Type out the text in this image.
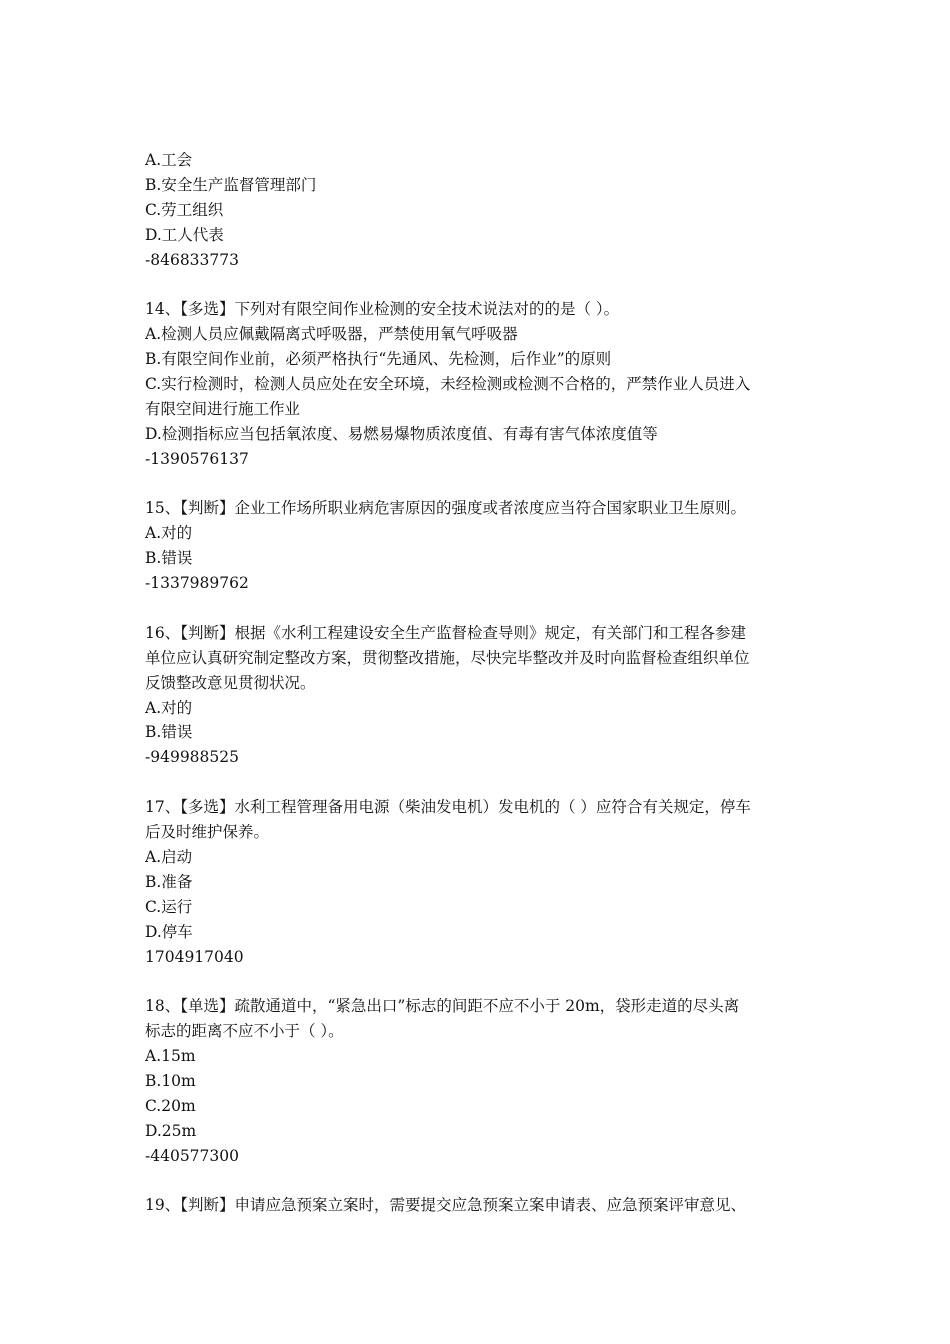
A.工会
B.安全生产监督管理部门
C.劳工组织
D.工人代表
-846833773
14、【多选】下列对有限空间作业检测的安全技术说法对的的是（ ）。
A.检测人员应佩戴隔离式呼吸器，严禁使用氧气呼吸器
B.有限空间作业前，必须严格执行“先通风、先检测，后作业”的原则
C.实行检测时，检测人员应处在安全环境，未经检测或检测不合格的，严禁作业人员进入
有限空间进行施工作业
D.检测指标应当包括氧浓度、易燃易爆物质浓度值、有毒有害气体浓度值等
-1390576137
15、【判断】企业工作场所职业病危害原因的强度或者浓度应当符合国家职业卫生原则。
A.对的
B.错误
-1337989762
16、【判断】根据《水利工程建设安全生产监督检查导则》规定，有关部门和工程各参建
单位应认真研究制定整改方案，贯彻整改措施，尽快完毕整改并及时向监督检查组织单位
反馈整改意见贯彻状况。
A.对的
B.错误
-949988525
17、【多选】水利工程管理备用电源（柴油发电机）发电机的（ ）应符合有关规定，停车
后及时维护保养。
A.启动
B.准备
C.运行
D.停车
1704917040
18、【单选】疏散通道中，“紧急出口”标志的间距不应不小于 20m，袋形走道的尽头离
标志的距离不应不小于（ ）。
A.15m
B.10m
C.20m
D.25m
-440577300
19、【判断】申请应急预案立案时，需要提交应急预案立案申请表、应急预案评审意见、
